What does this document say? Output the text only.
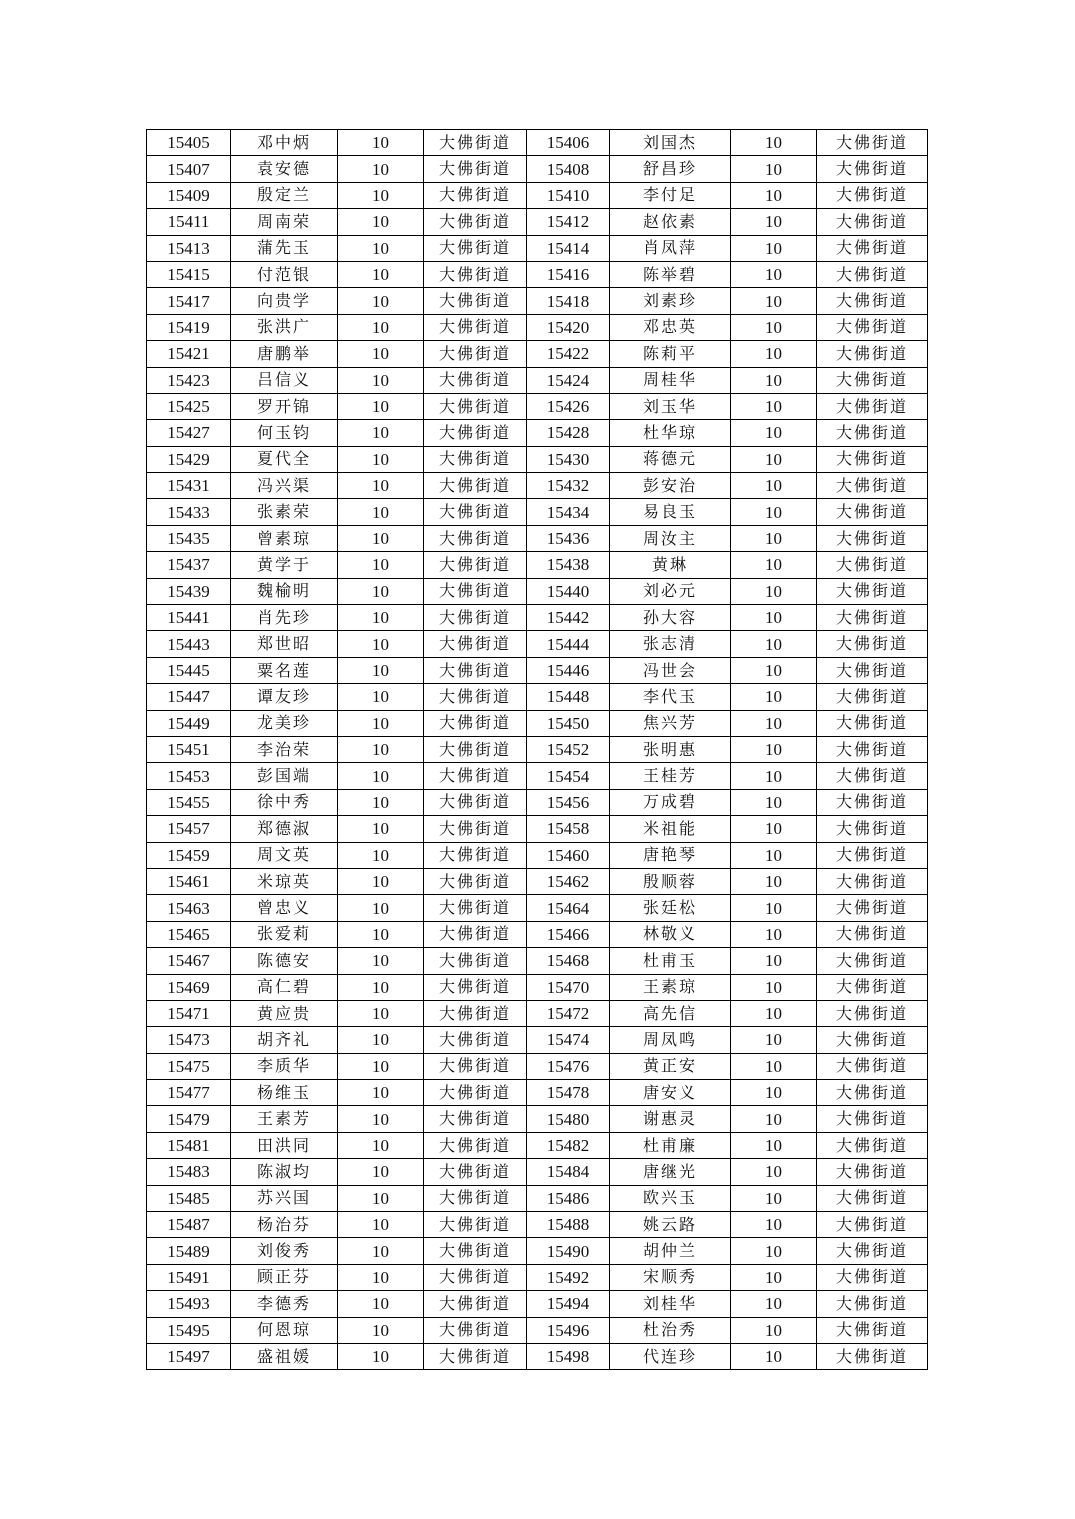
15405	邓中炳	10	大佛街道	15406	刘国杰	10	大佛街道
15407	袁安德	10	大佛街道	15408	舒昌珍	10	大佛街道
15409	殷定兰	10	大佛街道	15410	李付足	10	大佛街道
15411	周南荣	10	大佛街道	15412	赵依素	10	大佛街道
15413	蒲先玉	10	大佛街道	15414	肖凤萍	10	大佛街道
15415	付范银	10	大佛街道	15416	陈举碧	10	大佛街道
15417	向贵学	10	大佛街道	15418	刘素珍	10	大佛街道
15419	张洪广	10	大佛街道	15420	邓忠英	10	大佛街道
15421	唐鹏举	10	大佛街道	15422	陈莉平	10	大佛街道
15423	吕信义	10	大佛街道	15424	周桂华	10	大佛街道
15425	罗开锦	10	大佛街道	15426	刘玉华	10	大佛街道
15427	何玉钧	10	大佛街道	15428	杜华琼	10	大佛街道
15429	夏代全	10	大佛街道	15430	蒋德元	10	大佛街道
15431	冯兴渠	10	大佛街道	15432	彭安治	10	大佛街道
15433	张素荣	10	大佛街道	15434	易良玉	10	大佛街道
15435	曾素琼	10	大佛街道	15436	周汝主	10	大佛街道
15437	黄学于	10	大佛街道	15438	黄琳	10	大佛街道
15439	魏榆明	10	大佛街道	15440	刘必元	10	大佛街道
15441	肖先珍	10	大佛街道	15442	孙大容	10	大佛街道
15443	郑世昭	10	大佛街道	15444	张志清	10	大佛街道
15445	粟名莲	10	大佛街道	15446	冯世会	10	大佛街道
15447	谭友珍	10	大佛街道	15448	李代玉	10	大佛街道
15449	龙美珍	10	大佛街道	15450	焦兴芳	10	大佛街道
15451	李治荣	10	大佛街道	15452	张明惠	10	大佛街道
15453	彭国端	10	大佛街道	15454	王桂芳	10	大佛街道
15455	徐中秀	10	大佛街道	15456	万成碧	10	大佛街道
15457	郑德淑	10	大佛街道	15458	米祖能	10	大佛街道
15459	周文英	10	大佛街道	15460	唐艳琴	10	大佛街道
15461	米琼英	10	大佛街道	15462	殷顺蓉	10	大佛街道
15463	曾忠义	10	大佛街道	15464	张廷松	10	大佛街道
15465	张爱莉	10	大佛街道	15466	林敬义	10	大佛街道
15467	陈德安	10	大佛街道	15468	杜甫玉	10	大佛街道
15469	高仁碧	10	大佛街道	15470	王素琼	10	大佛街道
15471	黄应贵	10	大佛街道	15472	高先信	10	大佛街道
15473	胡齐礼	10	大佛街道	15474	周凤鸣	10	大佛街道
15475	李质华	10	大佛街道	15476	黄正安	10	大佛街道
15477	杨维玉	10	大佛街道	15478	唐安义	10	大佛街道
15479	王素芳	10	大佛街道	15480	谢惠灵	10	大佛街道
15481	田洪同	10	大佛街道	15482	杜甫廉	10	大佛街道
15483	陈淑均	10	大佛街道	15484	唐继光	10	大佛街道
15485	苏兴国	10	大佛街道	15486	欧兴玉	10	大佛街道
15487	杨治芬	10	大佛街道	15488	姚云路	10	大佛街道
15489	刘俊秀	10	大佛街道	15490	胡仲兰	10	大佛街道
15491	顾正芬	10	大佛街道	15492	宋顺秀	10	大佛街道
15493	李德秀	10	大佛街道	15494	刘桂华	10	大佛街道
15495	何恩琼	10	大佛街道	15496	杜治秀	10	大佛街道
15497	盛祖媛	10	大佛街道	15498	代连珍	10	大佛街道
